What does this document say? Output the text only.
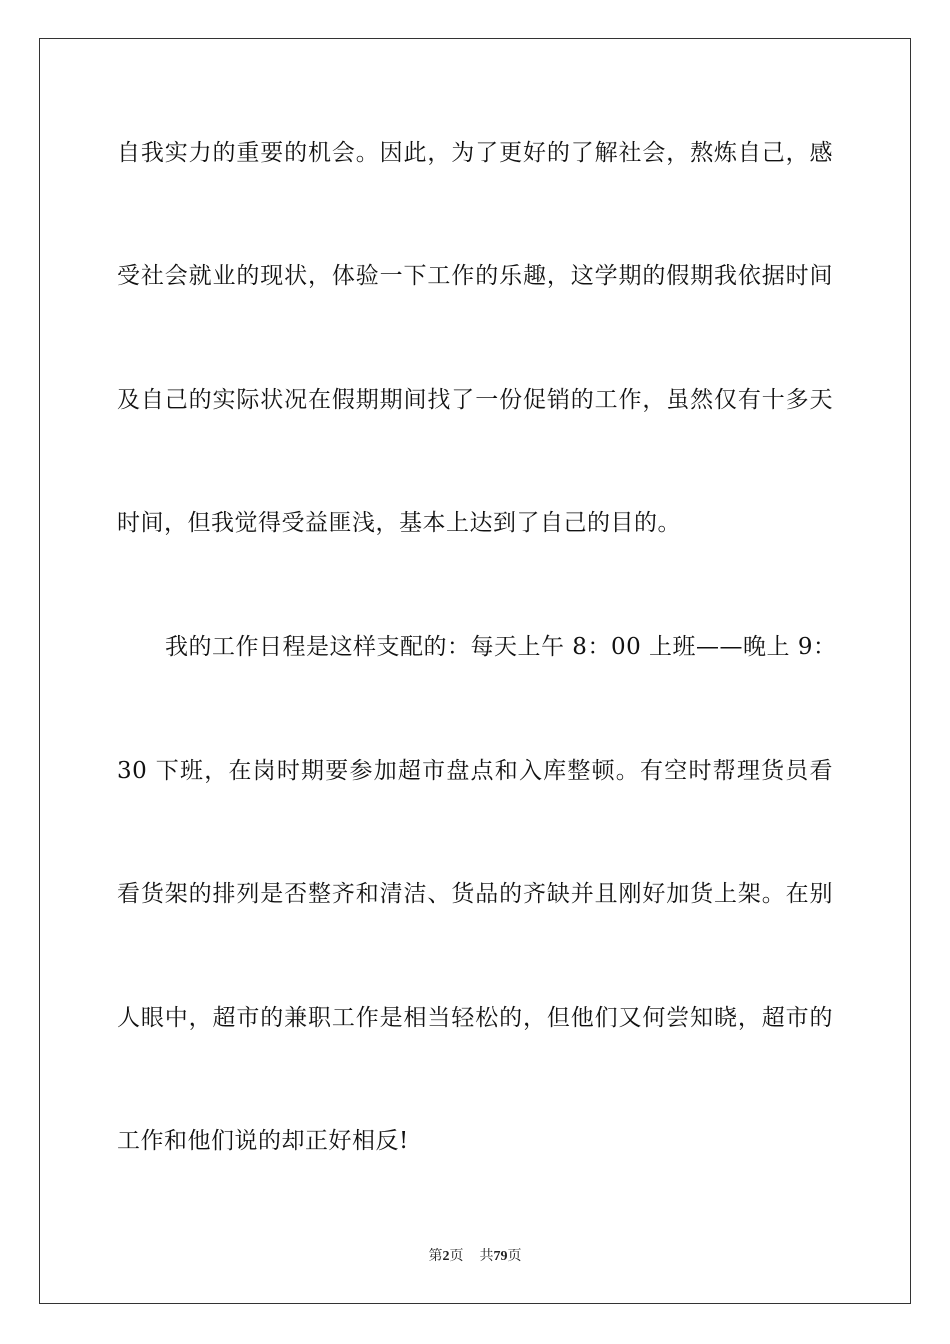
自我实力的重要的机会。因此，为了更好的了解社会，熬炼自己，感
受社会就业的现状，体验一下工作的乐趣，这学期的假期我依据时间
及自己的实际状况在假期期间找了一份促销的工作，虽然仅有十多天
时间，但我觉得受益匪浅，基本上达到了自己的目的。
我的工作日程是这样支配的：每天上午 8：00 上班——晚上 9：
30 下班，在岗时期要参加超市盘点和入库整顿。有空时帮理货员看
看货架的排列是否整齐和清洁、货品的齐缺并且刚好加货上架。在别
人眼中，超市的兼职工作是相当轻松的，但他们又何尝知晓，超市的
工作和他们说的却正好相反!
第2页 共79页
